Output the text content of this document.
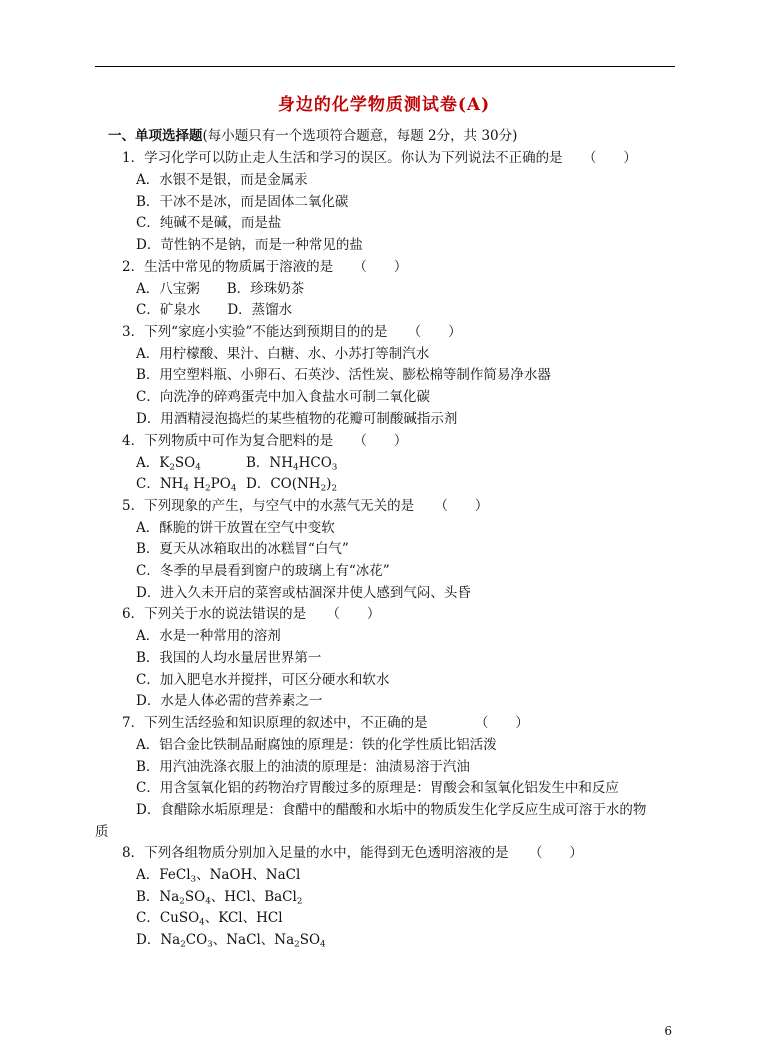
身边的化学物质测试卷(A)
一、单项选择题(每小题只有一个选项符合题意，每题 2分，共 30分)
1．学习化学可以防止走人生活和学习的误区。你认为下列说法不正确的是　　（　　）
A．水银不是银，而是金属汞
B．干冰不是冰，而是固体二氧化碳
C．纯碱不是碱，而是盐
D．苛性钠不是钠，而是一种常见的盐
2．生活中常见的物质属于溶液的是　　（　　）
A．八宝粥　　B．珍珠奶茶
C．矿泉水　　D．蒸馏水
3．下列“家庭小实验”不能达到预期目的的是　　（　　）
A．用柠檬酸、果汁、白糖、水、小苏打等制汽水
B．用空塑料瓶、小卵石、石英沙、活性炭、膨松棉等制作简易净水器
C．向洗净的碎鸡蛋壳中加入食盐水可制二氧化碳
D．用酒精浸泡捣烂的某些植物的花瓣可制酸碱指示剂
4．下列物质中可作为复合肥料的是　　（　　）
A．$K_2SO_4$	B．$NH_4HCO_3$
C．$NH_4$ $H_2PO_4$ D．$CO(NH_2)_2$
5．下列现象的产生，与空气中的水蒸气无关的是　　（　　）
A．酥脆的饼干放置在空气中变软
B．夏天从冰箱取出的冰糕冒“白气”
C．冬季的早晨看到窗户的玻璃上有“冰花”
D．进入久未开启的菜窖或枯涸深井使人感到气闷、头昏
6．下列关于水的说法错误的是　　（　　）
A．水是一种常用的溶剂
B．我国的人均水量居世界第一
C．加入肥皂水并搅拌，可区分硬水和软水
D．水是人体必需的营养素之一
7．下列生活经验和知识原理的叙述中，不正确的是　　　　（　　）
A．铝合金比铁制品耐腐蚀的原理是：铁的化学性质比铝活泼
B．用汽油洗涤衣服上的油渍的原理是：油渍易溶于汽油
C．用含氢氧化铝的药物治疗胃酸过多的原理是：胃酸会和氢氧化铝发生中和反应
D．食醋除水垢原理是：食醋中的醋酸和水垢中的物质发生化学反应生成可溶于水的物
质
8．下列各组物质分别加入足量的水中，能得到无色透明溶液的是　　（　　）
A．FeCl$_3$、NaOH、NaCl
B．$Na_2SO_4$、HCl、BaCl$_2$
C．CuSO$_4$、KCl、HCl
D．$Na_2CO_3$、NaCl、$Na_2SO_4$
6
